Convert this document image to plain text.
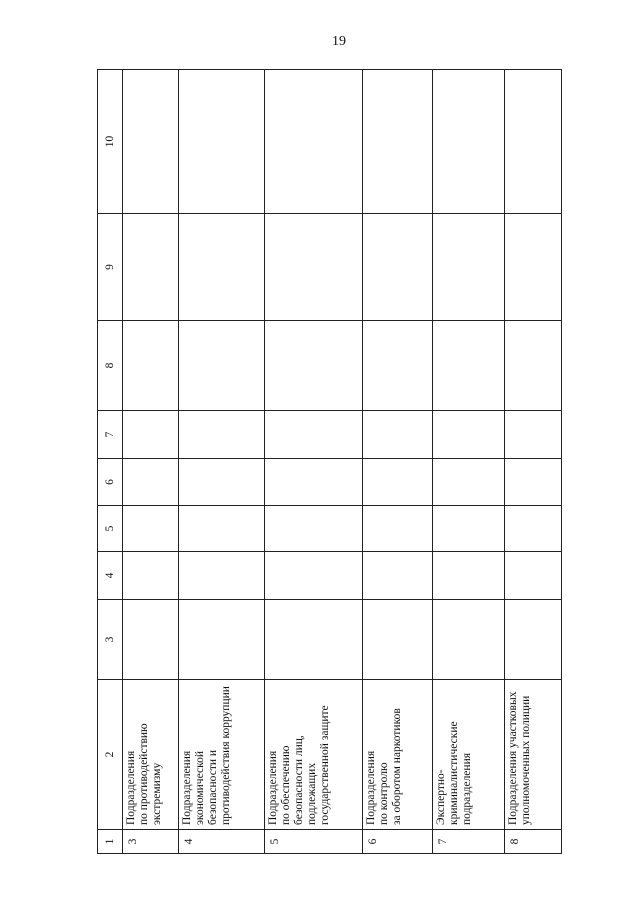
19
1	2	3	4	5	6	7	8	9	10
3	Подразделения
по противодействию
экстремизму								
4	Подразделения
экономической
безопасности и
противодействия коррупции								
5	Подразделения
по обеспечению
безопасности лиц,
подлежащих
государственной защите								
6	Подразделения
по контролю
за оборотом наркотиков								
7	Экспертно-
криминалистические
подразделения								
8	Подразделения участковых
уполномоченных полиции								
